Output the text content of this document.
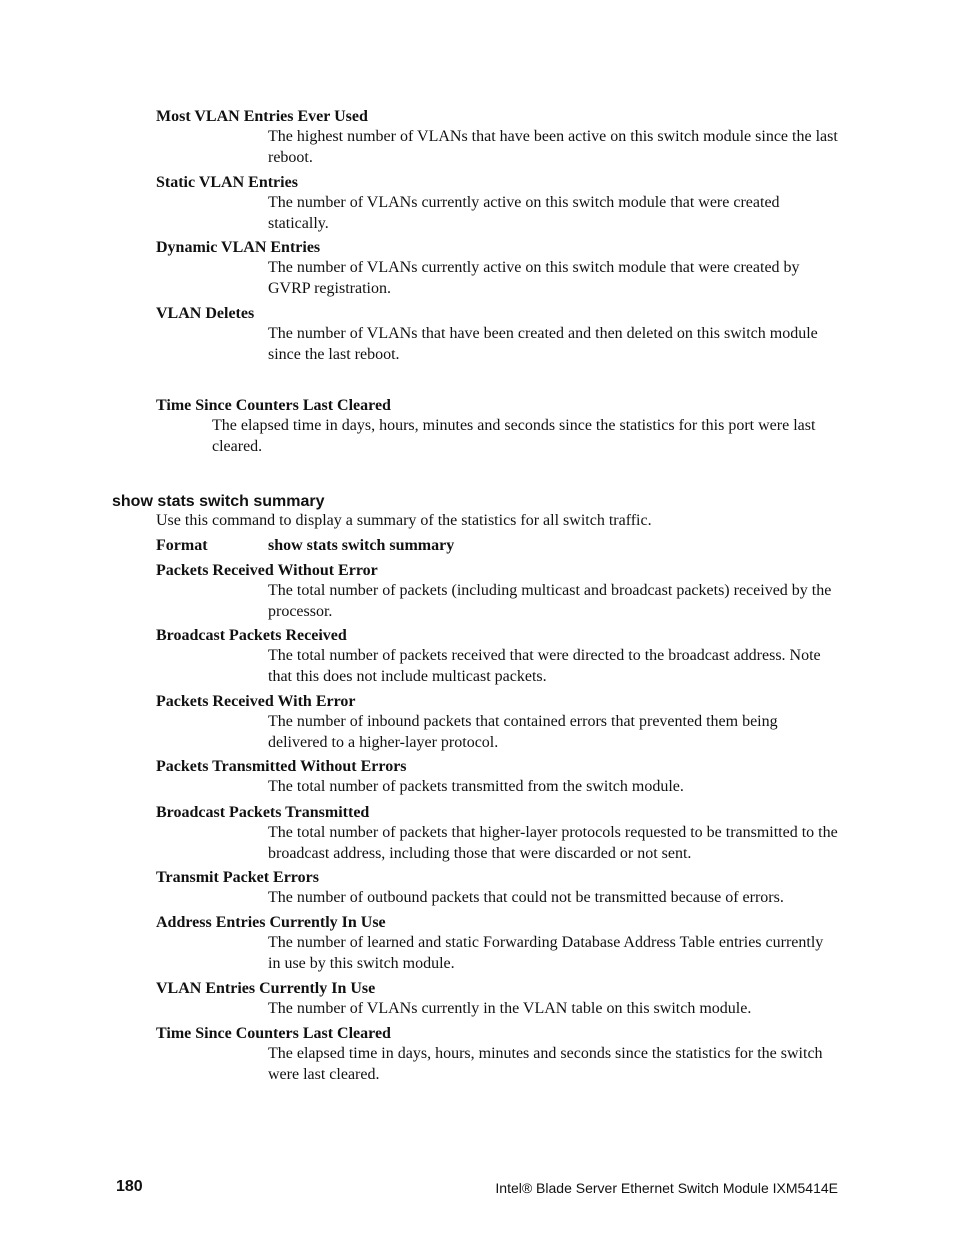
Most VLAN Entries Ever Used
The highest number of VLANs that have been active on this switch module since the last reboot.
Static VLAN Entries
The number of VLANs currently active on this switch module that were created statically.
Dynamic VLAN Entries
The number of VLANs currently active on this switch module that were created by GVRP registration.
VLAN Deletes
The number of VLANs that have been created and then deleted on this switch module since the last reboot.
Time Since Counters Last Cleared
The elapsed time in days, hours, minutes and seconds since the statistics for this port were last cleared.
show stats switch summary
Use this command to display a summary of the statistics for all switch traffic.
Format	show stats switch summary
Packets Received Without Error
The total number of packets (including multicast and broadcast packets) received by the processor.
Broadcast Packets Received
The total number of packets received that were directed to the broadcast address. Note that this does not include multicast packets.
Packets Received With Error
The number of inbound packets that contained errors that prevented them being delivered to a higher-layer protocol.
Packets Transmitted Without Errors
The total number of packets transmitted from the switch module.
Broadcast Packets Transmitted
The total number of packets that higher-layer protocols requested to be transmitted to the broadcast address, including those that were discarded or not sent.
Transmit Packet Errors
The number of outbound packets that could not be transmitted because of errors.
Address Entries Currently In Use
The number of learned and static Forwarding Database Address Table entries currently in use by this switch module.
VLAN Entries Currently In Use
The number of VLANs currently in the VLAN table on this switch module.
Time Since Counters Last Cleared
The elapsed time in days, hours, minutes and seconds since the statistics for the switch were last cleared.
180	Intel® Blade Server Ethernet Switch Module IXM5414E
